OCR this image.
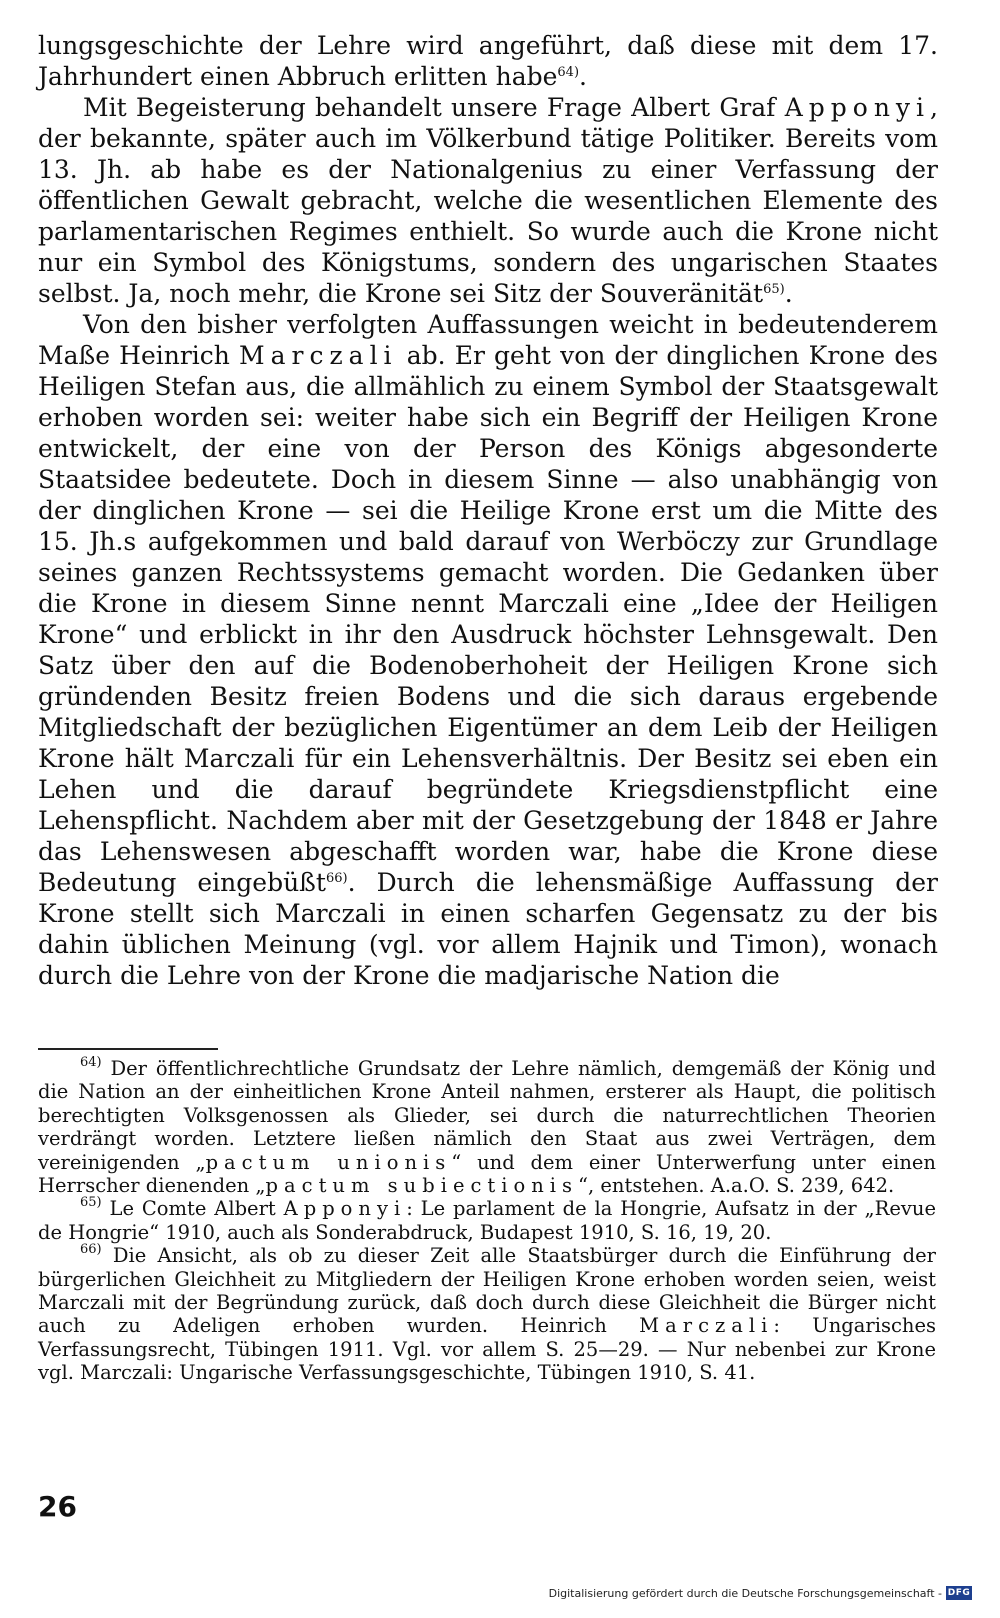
lungsgeschichte der Lehre wird angeführt, daß diese mit dem 17. Jahrhundert einen Abbruch erlitten habe$^{64)}$.

Mit Begeisterung behandelt unsere Frage Albert Graf Apponyi, der bekannte, später auch im Völkerbund tätige Politiker. Bereits vom 13. Jh. ab habe es der Nationalgenius zu einer Verfassung der öffentlichen Gewalt gebracht, welche die wesentlichen Elemente des parlamentarischen Regimes enthielt. So wurde auch die Krone nicht nur ein Symbol des Königstums, sondern des ungarischen Staates selbst. Ja, noch mehr, die Krone sei Sitz der Souveränität$^{65)}$.

Von den bisher verfolgten Auffassungen weicht in bedeutenderem Maße Heinrich Marczali ab. Er geht von der dinglichen Krone des Heiligen Stefan aus, die allmählich zu einem Symbol der Staatsgewalt erhoben worden sei: weiter habe sich ein Begriff der Heiligen Krone entwickelt, der eine von der Person des Königs abgesonderte Staatsidee bedeutete. Doch in diesem Sinne — also unabhängig von der dinglichen Krone — sei die Heilige Krone erst um die Mitte des 15. Jh.s aufgekommen und bald darauf von Werböczy zur Grundlage seines ganzen Rechtssystems gemacht worden. Die Gedanken über die Krone in diesem Sinne nennt Marczali eine „Idee der Heiligen Krone“ und erblickt in ihr den Ausdruck höchster Lehnsgewalt. Den Satz über den auf die Bodenoberhoheit der Heiligen Krone sich gründenden Besitz freien Bodens und die sich daraus ergebende Mitgliedschaft der bezüglichen Eigentümer an dem Leib der Heiligen Krone hält Marczali für ein Lehensverhältnis. Der Besitz sei eben ein Lehen und die darauf begründete Kriegsdienstpflicht eine Lehenspflicht. Nachdem aber mit der Gesetzgebung der 1848 er Jahre das Lehenswesen abgeschafft worden war, habe die Krone diese Bedeutung eingebüßt$^{66)}$. Durch die lehensmäßige Auffassung der Krone stellt sich Marczali in einen scharfen Gegensatz zu der bis dahin üblichen Meinung (vgl. vor allem Hajnik und Timon), wonach durch die Lehre von der Krone die madjarische Nation die

$^{64)}$ Der öffentlichrechtliche Grundsatz der Lehre nämlich, demgemäß der König und die Nation an der einheitlichen Krone Anteil nahmen, ersterer als Haupt, die politisch berechtigten Volksgenossen als Glieder, sei durch die naturrechtlichen Theorien verdrängt worden. Letztere ließen nämlich den Staat aus zwei Verträgen, dem vereinigenden „pactum unionis“ und dem einer Unterwerfung unter einen Herrscher dienenden „pactum subiectionis“, entstehen. A.a.O. S. 239, 642.

$^{65)}$ Le Comte Albert Apponyi: Le parlament de la Hongrie, Aufsatz in der „Revue de Hongrie“ 1910, auch als Sonderabdruck, Budapest 1910, S. 16, 19, 20.

$^{66)}$ Die Ansicht, als ob zu dieser Zeit alle Staatsbürger durch die Einführung der bürgerlichen Gleichheit zu Mitgliedern der Heiligen Krone erhoben worden seien, weist Marczali mit der Begründung zurück, daß doch durch diese Gleichheit die Bürger nicht auch zu Adeligen erhoben wurden. Heinrich Marczali: Ungarisches Verfassungsrecht, Tübingen 1911. Vgl. vor allem S. 25—29. — Nur nebenbei zur Krone vgl. Marczali: Ungarische Verfassungsgeschichte, Tübingen 1910, S. 41.

26
Digitalisierung gefördert durch die Deutsche Forschungsgemeinschaft - DFG
